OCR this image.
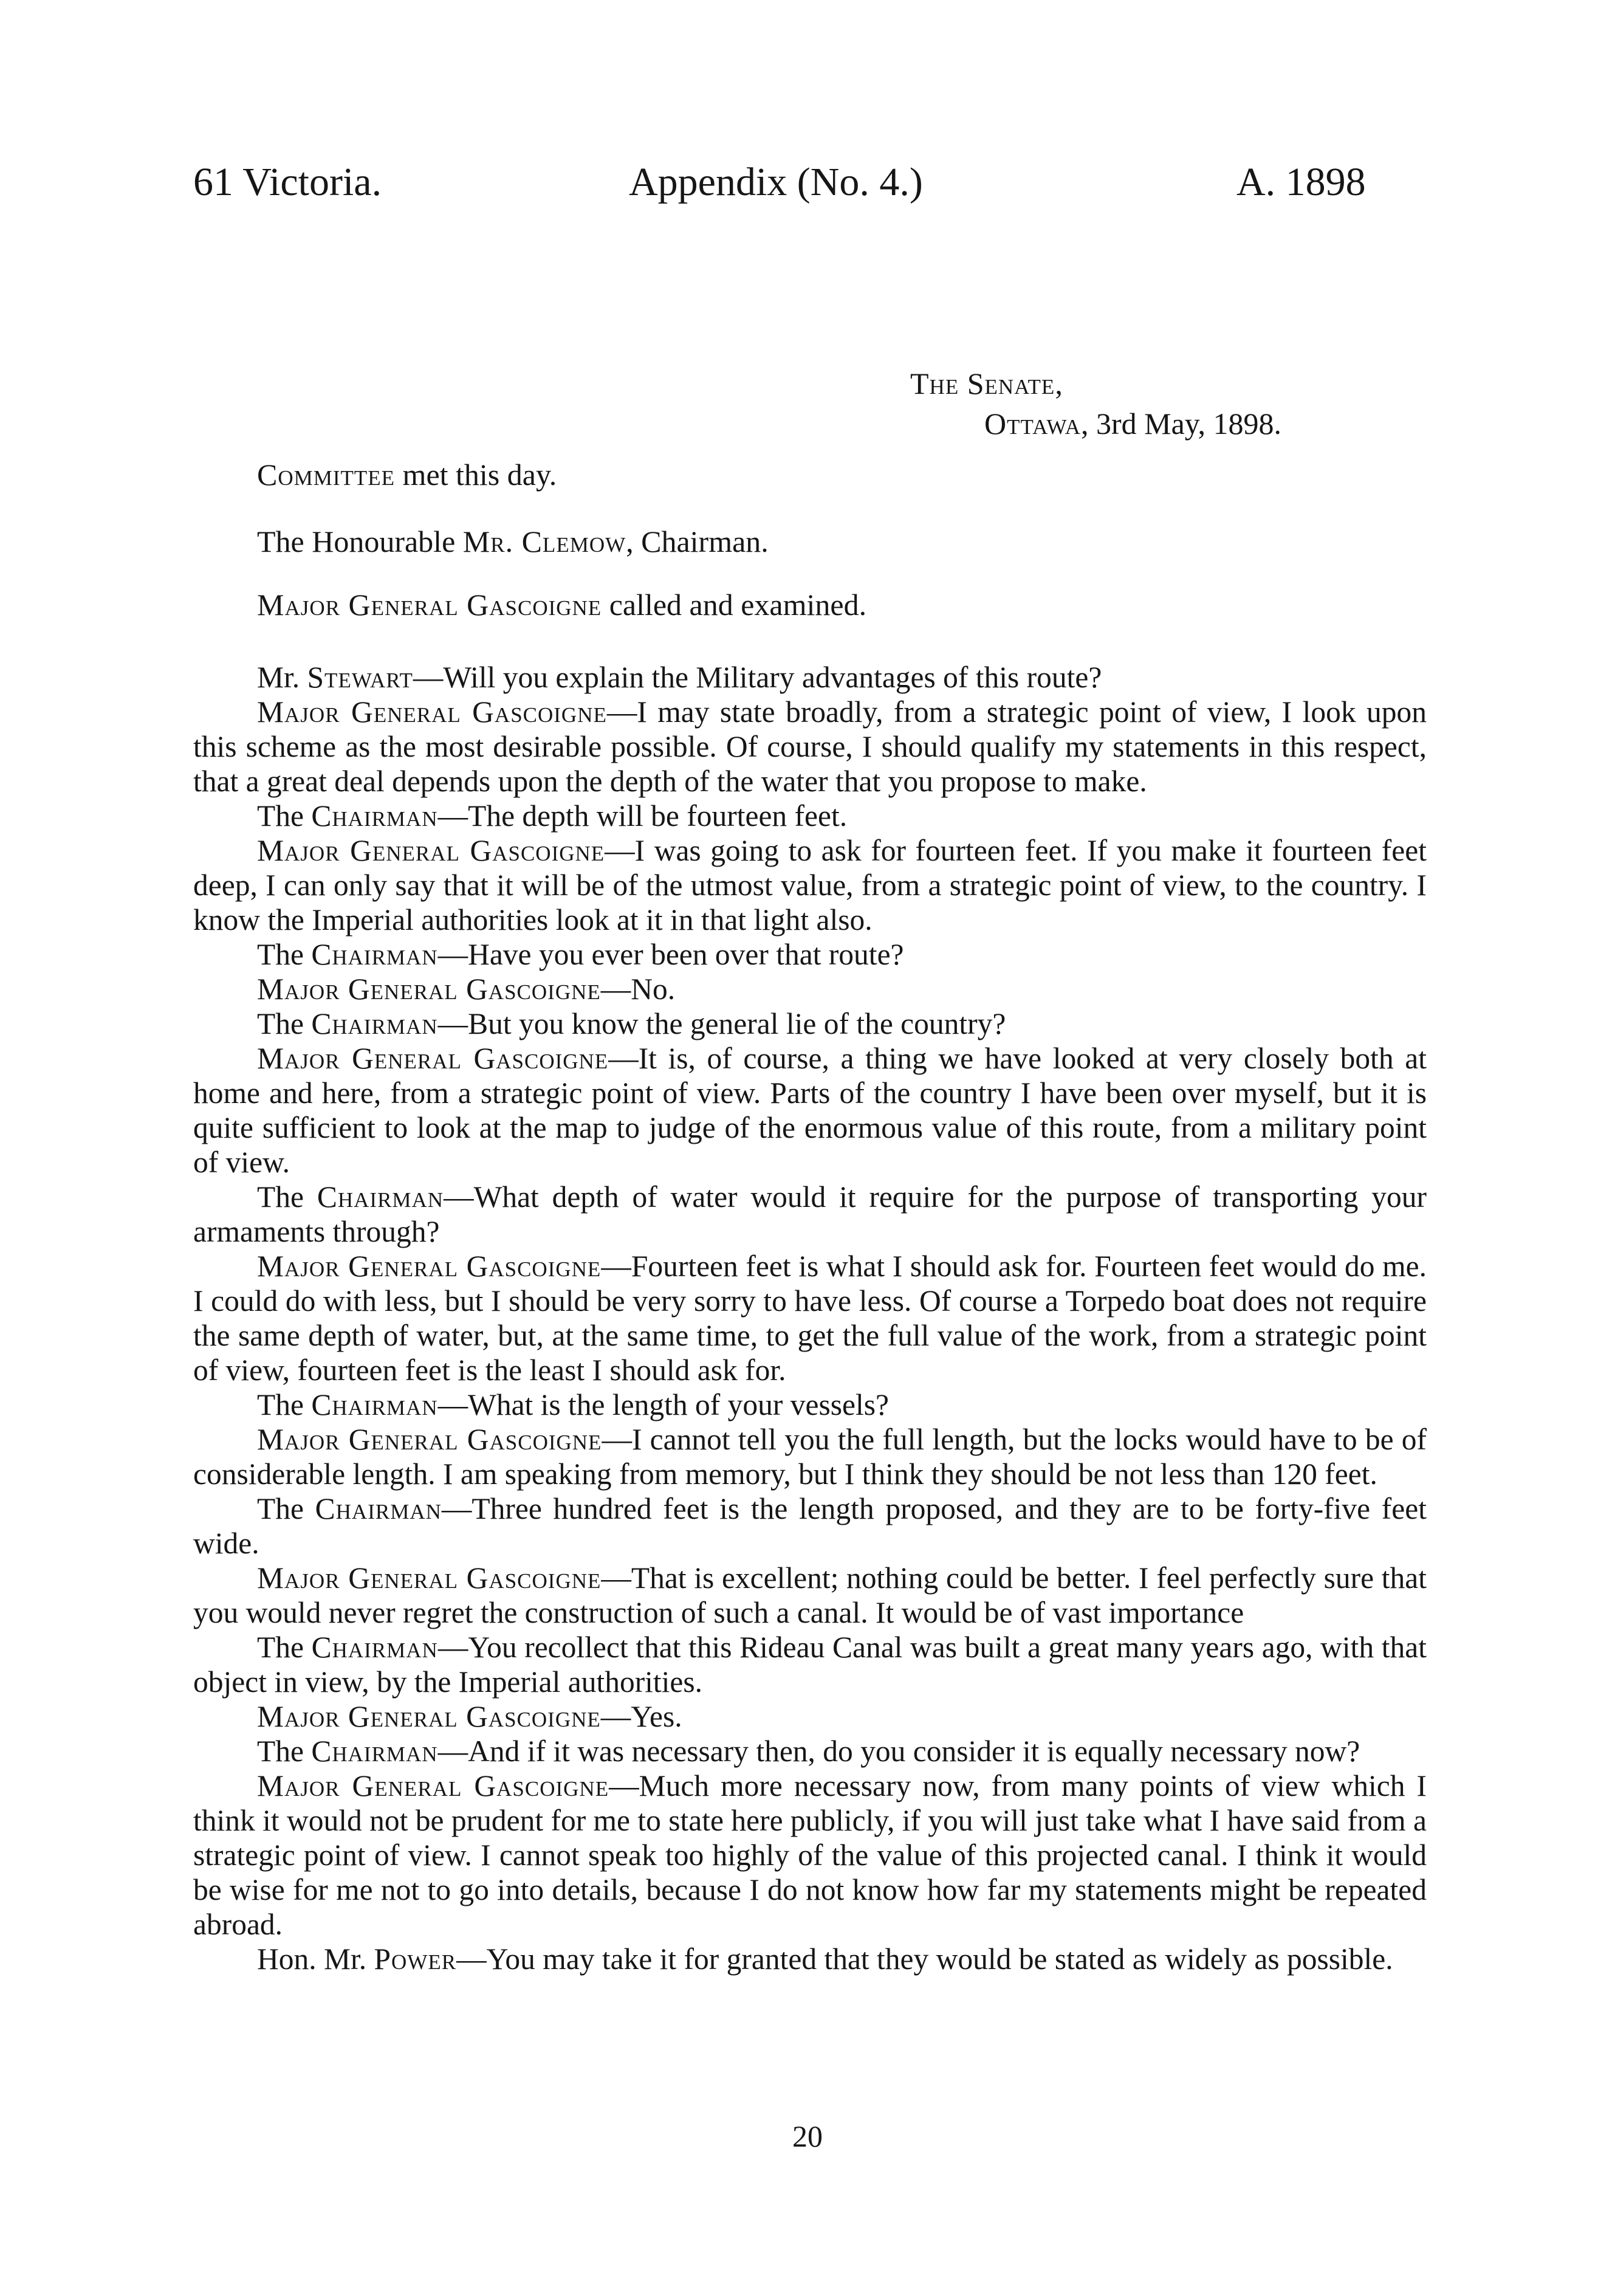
61 Victoria.	Appendix (No. 4.)	A. 1898
The Senate,
Ottawa, 3rd May, 1898.

Committee met this day.

The Honourable Mr. Clemow, Chairman.

Major General Gascoigne called and examined.

Mr. Stewart—Will you explain the Military advantages of this route?

Major General Gascoigne—I may state broadly, from a strategic point of view, I look upon this scheme as the most desirable possible. Of course, I should qualify my statements in this respect, that a great deal depends upon the depth of the water that you propose to make.

The Chairman—The depth will be fourteen feet.

Major General Gascoigne—I was going to ask for fourteen feet. If you make it fourteen feet deep, I can only say that it will be of the utmost value, from a strategic point of view, to the country. I know the Imperial authorities look at it in that light also.

The Chairman—Have you ever been over that route?

Major General Gascoigne—No.

The Chairman—But you know the general lie of the country?

Major General Gascoigne—It is, of course, a thing we have looked at very closely both at home and here, from a strategic point of view. Parts of the country I have been over myself, but it is quite sufficient to look at the map to judge of the enormous value of this route, from a military point of view.

The Chairman—What depth of water would it require for the purpose of transporting your armaments through?

Major General Gascoigne—Fourteen feet is what I should ask for. Fourteen feet would do me. I could do with less, but I should be very sorry to have less. Of course a Torpedo boat does not require the same depth of water, but, at the same time, to get the full value of the work, from a strategic point of view, fourteen feet is the least I should ask for.

The Chairman—What is the length of your vessels?

Major General Gascoigne—I cannot tell you the full length, but the locks would have to be of considerable length. I am speaking from memory, but I think they should be not less than 120 feet.

The Chairman—Three hundred feet is the length proposed, and they are to be forty-five feet wide.

Major General Gascoigne—That is excellent; nothing could be better. I feel perfectly sure that you would never regret the construction of such a canal. It would be of vast importance

The Chairman—You recollect that this Rideau Canal was built a great many years ago, with that object in view, by the Imperial authorities.

Major General Gascoigne—Yes.

The Chairman—And if it was necessary then, do you consider it is equally necessary now?

Major General Gascoigne—Much more necessary now, from many points of view which I think it would not be prudent for me to state here publicly, if you will just take what I have said from a strategic point of view. I cannot speak too highly of the value of this projected canal. I think it would be wise for me not to go into details, because I do not know how far my statements might be repeated abroad.

Hon. Mr. Power—You may take it for granted that they would be stated as widely as possible.

20
